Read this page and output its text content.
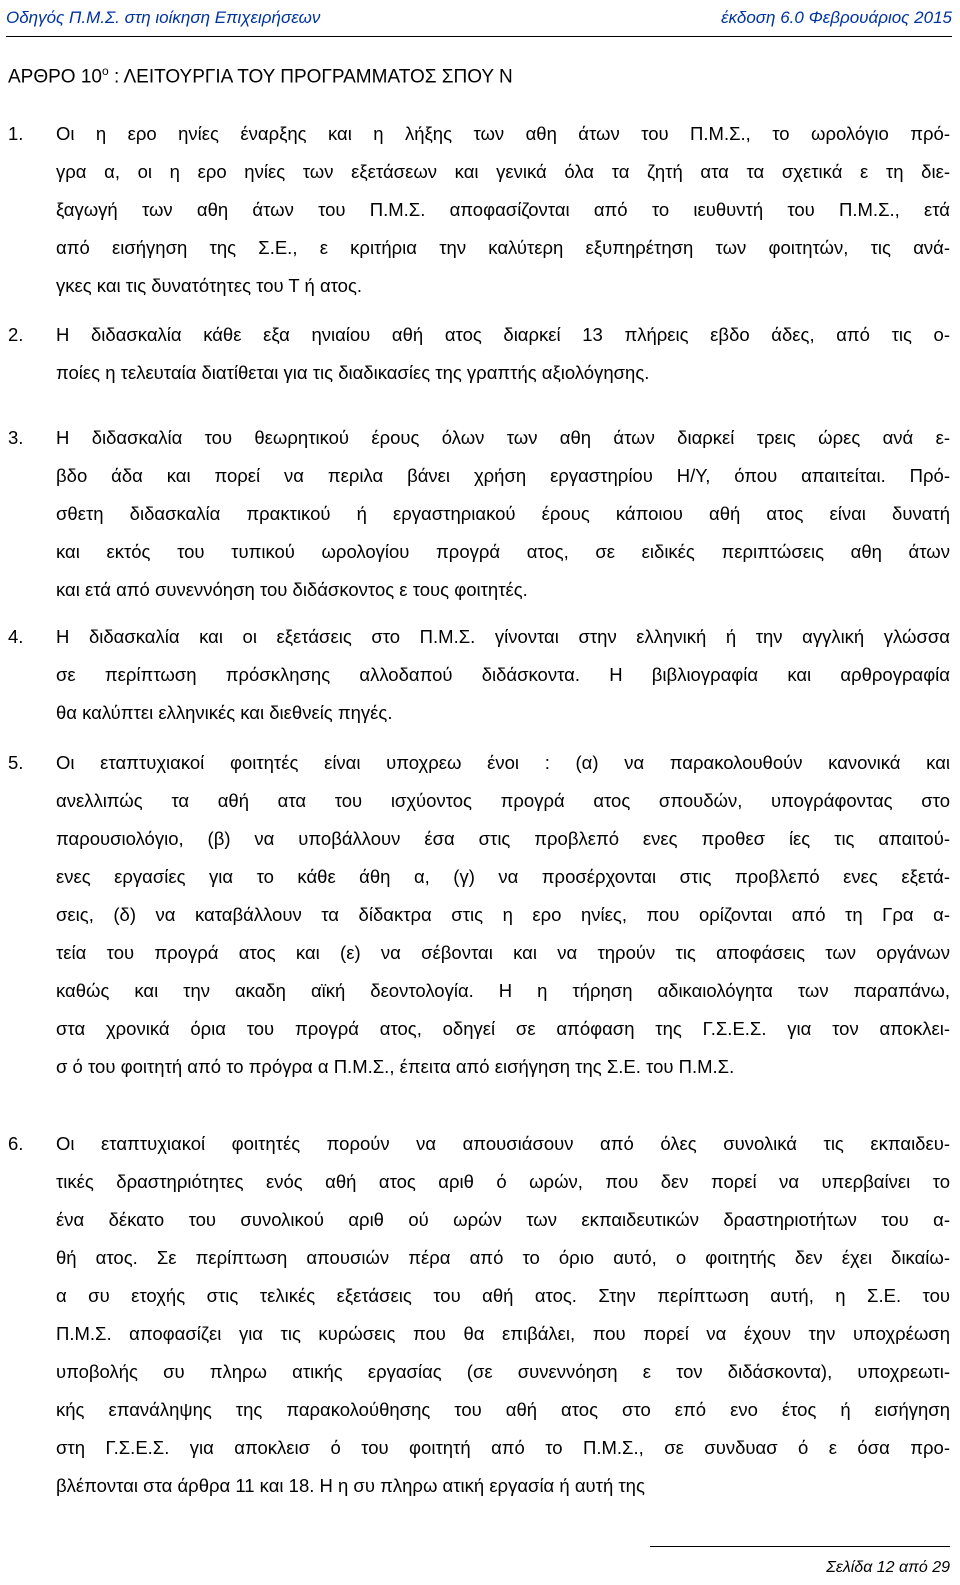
Οδηγός Π.Μ.Σ. στη ιοίκηση Επιχειρήσεων	έκδοση 6.0 Φεβρουάριος 2015
ΑΡΘΡΟ $10^o$ : ΛΕΙΤΟΥΡΓΙΑ ΤΟΥ ΠΡΟΓΡΑΜΜΑΤΟΣ ΣΠΟΥ Ν
1. Οι η ερο ηνίες έναρξης και η λήξης των αθη άτων του Π.Μ.Σ., το ωρολόγιο πρό-
γρα α, οι η ερο ηνίες των εξετάσεων και γενικά όλα τα ζητή ατα τα σχετικά ε τη διε-
ξαγωγή των αθη άτων του Π.Μ.Σ. αποφασίζονται από το ιευθυντή του Π.Μ.Σ., ετά
από εισήγηση της Σ.Ε., ε κριτήρια την καλύτερη εξυπηρέτηση των φοιτητών, τις ανά-
γκες και τις δυνατότητες του Τ ή ατος.
2. Η διδασκαλία κάθε εξα ηνιαίου αθή ατος διαρκεί 13 πλήρεις εβδο άδες, από τις ο-
ποίες η τελευταία διατίθεται για τις διαδικασίες της γραπτής αξιολόγησης.
3. Η διδασκαλία του θεωρητικού έρους όλων των αθη άτων διαρκεί τρεις ώρες ανά ε-
βδο άδα και πορεί να περιλα βάνει χρήση εργαστηρίου Η/Υ, όπου απαιτείται. Πρό-
σθετη διδασκαλία πρακτικού ή εργαστηριακού έρους κάποιου αθή ατος είναι δυνατή
και εκτός του τυπικού ωρολογίου προγρά ατος, σε ειδικές περιπτώσεις αθη άτων
και ετά από συνεννόηση του διδάσκοντος ε τους φοιτητές.
4. Η διδασκαλία και οι εξετάσεις στο Π.Μ.Σ. γίνονται στην ελληνική ή την αγγλική γλώσσα
σε περίπτωση πρόσκλησης αλλοδαπού διδάσκοντα. Η βιβλιογραφία και αρθρογραφία
θα καλύπτει ελληνικές και διεθνείς πηγές.
5. Οι εταπτυχιακοί φοιτητές είναι υποχρεω ένοι : (α) να παρακολουθούν κανονικά και
ανελλιπώς τα αθή ατα του ισχύοντος προγρά ατος σπουδών, υπογράφοντας στο
παρουσιολόγιο, (β) να υποβάλλουν έσα στις προβλεπό ενες προθεσ ίες τις απαιτού-
ενες εργασίες για το κάθε άθη α, (γ) να προσέρχονται στις προβλεπό ενες εξετά-
σεις, (δ) να καταβάλλουν τα δίδακτρα στις η ερο ηνίες, που ορίζονται από τη Γρα α-
τεία του προγρά ατος και (ε) να σέβονται και να τηρούν τις αποφάσεις των οργάνων
καθώς και την ακαδη αϊκή δεοντολογία. Η η τήρηση αδικαιολόγητα των παραπάνω,
στα χρονικά όρια του προγρά ατος, οδηγεί σε απόφαση της Γ.Σ.Ε.Σ. για τον αποκλει-
σ ό του φοιτητή από το πρόγρα α Π.Μ.Σ., έπειτα από εισήγηση της Σ.Ε. του Π.Μ.Σ.
6. Οι εταπτυχιακοί φοιτητές πορούν να απουσιάσουν από όλες συνολικά τις εκπαιδευ-
τικές δραστηριότητες ενός αθή ατος αριθ ό ωρών, που δεν πορεί να υπερβαίνει το
ένα δέκατο του συνολικού αριθ ού ωρών των εκπαιδευτικών δραστηριοτήτων του α-
θή ατος. Σε περίπτωση απουσιών πέρα από το όριο αυτό, ο φοιτητής δεν έχει δικαίω-
α συ ετοχής στις τελικές εξετάσεις του αθή ατος. Στην περίπτωση αυτή, η Σ.Ε. του
Π.Μ.Σ. αποφασίζει για τις κυρώσεις που θα επιβάλει, που πορεί να έχουν την υποχρέωση
υποβολής συ πληρω ατικής εργασίας (σε συνεννόηση ε τον διδάσκοντα), υποχρεωτι-
κής επανάληψης της παρακολούθησης του αθή ατος στο επό ενο έτος ή εισήγηση
στη Γ.Σ.Ε.Σ. για αποκλεισ ό του φοιτητή από το Π.Μ.Σ., σε συνδυασ ό ε όσα προ-
βλέπονται στα άρθρα 11 και 18. Η η συ πληρω ατική εργασία ή αυτή της
Σελίδα 12 από 29
